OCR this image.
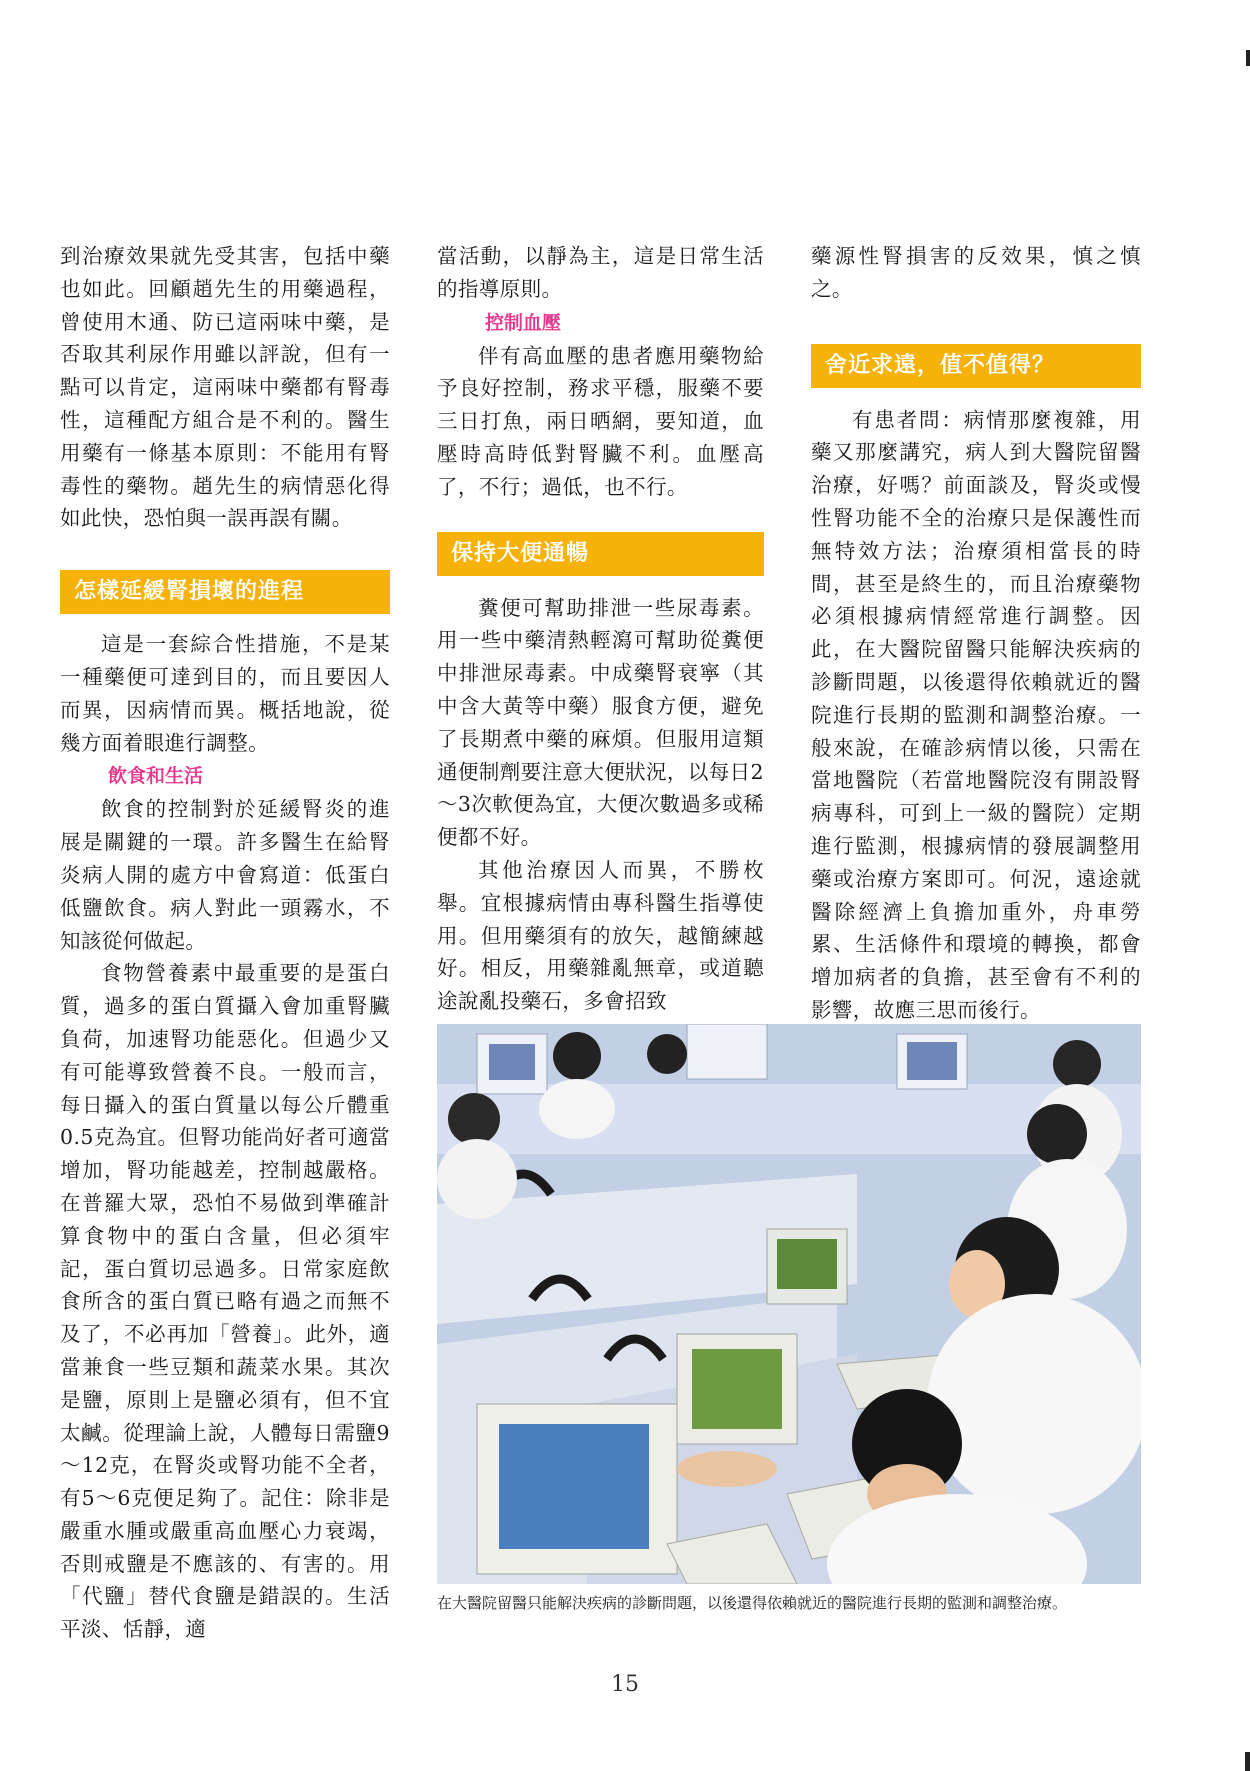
到治療效果就先受其害，包括中藥也如此。回顧趙先生的用藥過程，曾使用木通、防已這兩味中藥，是否取其利尿作用雖以評說，但有一點可以肯定，這兩味中藥都有腎毒性，這種配方組合是不利的。醫生用藥有一條基本原則：不能用有腎毒性的藥物。趙先生的病情惡化得如此快，恐怕與一誤再誤有關。

怎樣延緩腎損壞的進程

這是一套綜合性措施，不是某一種藥便可達到目的，而且要因人而異，因病情而異。概括地說，從幾方面着眼進行調整。

飲食和生活

飲食的控制對於延緩腎炎的進展是關鍵的一環。許多醫生在給腎炎病人開的處方中會寫道：低蛋白低鹽飲食。病人對此一頭霧水，不知該從何做起。

食物營養素中最重要的是蛋白質，過多的蛋白質攝入會加重腎臟負荷，加速腎功能惡化。但過少又有可能導致營養不良。一般而言，每日攝入的蛋白質量以每公斤體重0.5克為宜。但腎功能尚好者可適當增加，腎功能越差，控制越嚴格。在普羅大眾，恐怕不易做到準確計算食物中的蛋白含量，但必須牢記，蛋白質切忌過多。日常家庭飲食所含的蛋白質已略有過之而無不及了，不必再加「營養」。此外，適當兼食一些豆類和蔬菜水果。其次是鹽，原則上是鹽必須有，但不宜太鹹。從理論上說，人體每日需鹽9～12克，在腎炎或腎功能不全者，有5～6克便足夠了。記住：除非是嚴重水腫或嚴重高血壓心力衰竭，否則戒鹽是不應該的、有害的。用「代鹽」替代食鹽是錯誤的。生活平淡、恬靜，適

當活動，以靜為主，這是日常生活的指導原則。

控制血壓

伴有高血壓的患者應用藥物給予良好控制，務求平穩，服藥不要三日打魚，兩日晒網，要知道，血壓時高時低對腎臟不利。血壓高了，不行；過低，也不行。

保持大便通暢

糞便可幫助排泄一些尿毒素。用一些中藥清熱輕瀉可幫助從糞便中排泄尿毒素。中成藥腎衰寧（其中含大黃等中藥）服食方便，避免了長期煮中藥的麻煩。但服用這類通便制劑要注意大便狀況，以每日2～3次軟便為宜，大便次數過多或稀便都不好。

其他治療因人而異，不勝枚舉。宜根據病情由專科醫生指導使用。但用藥須有的放矢，越簡練越好。相反，用藥雜亂無章，或道聽途說亂投藥石，多會招致

藥源性腎損害的反效果，慎之慎之。

舍近求遠，值不值得？

有患者問：病情那麼複雜，用藥又那麼講究，病人到大醫院留醫治療，好嗎？前面談及，腎炎或慢性腎功能不全的治療只是保護性而無特效方法；治療須相當長的時間，甚至是終生的，而且治療藥物必須根據病情經常進行調整。因此，在大醫院留醫只能解決疾病的診斷問題，以後還得依賴就近的醫院進行長期的監測和調整治療。一般來說，在確診病情以後，只需在當地醫院（若當地醫院沒有開設腎病專科，可到上一級的醫院）定期進行監測，根據病情的發展調整用藥或治療方案即可。何況，遠途就醫除經濟上負擔加重外，舟車勞累、生活條件和環境的轉換，都會增加病者的負擔，甚至會有不利的影響，故應三思而後行。

在大醫院留醫只能解決疾病的診斷問題，以後還得依賴就近的醫院進行長期的監測和調整治療。
15
